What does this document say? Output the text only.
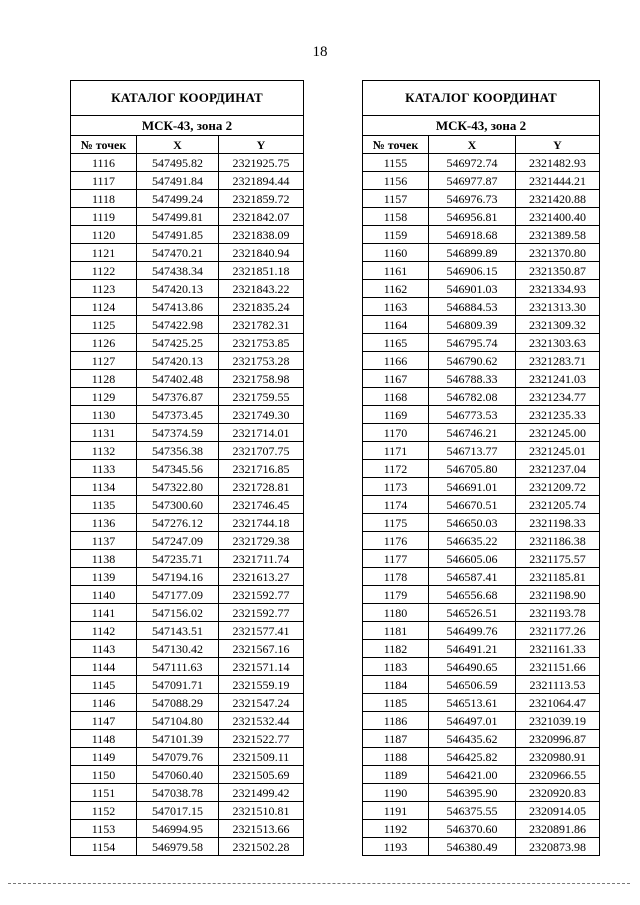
18
КАТАЛОГ КООРДИНАТ		
МСК-43, зона 2		
№ точек	X	Y
1116	547495.82	2321925.75
1117	547491.84	2321894.44
1118	547499.24	2321859.72
1119	547499.81	2321842.07
1120	547491.85	2321838.09
1121	547470.21	2321840.94
1122	547438.34	2321851.18
1123	547420.13	2321843.22
1124	547413.86	2321835.24
1125	547422.98	2321782.31
1126	547425.25	2321753.85
1127	547420.13	2321753.28
1128	547402.48	2321758.98
1129	547376.87	2321759.55
1130	547373.45	2321749.30
1131	547374.59	2321714.01
1132	547356.38	2321707.75
1133	547345.56	2321716.85
1134	547322.80	2321728.81
1135	547300.60	2321746.45
1136	547276.12	2321744.18
1137	547247.09	2321729.38
1138	547235.71	2321711.74
1139	547194.16	2321613.27
1140	547177.09	2321592.77
1141	547156.02	2321592.77
1142	547143.51	2321577.41
1143	547130.42	2321567.16
1144	547111.63	2321571.14
1145	547091.71	2321559.19
1146	547088.29	2321547.24
1147	547104.80	2321532.44
1148	547101.39	2321522.77
1149	547079.76	2321509.11
1150	547060.40	2321505.69
1151	547038.78	2321499.42
1152	547017.15	2321510.81
1153	546994.95	2321513.66
1154	546979.58	2321502.28
КАТАЛОГ КООРДИНАТ		
МСК-43, зона 2		
№ точек	X	Y
1155	546972.74	2321482.93
1156	546977.87	2321444.21
1157	546976.73	2321420.88
1158	546956.81	2321400.40
1159	546918.68	2321389.58
1160	546899.89	2321370.80
1161	546906.15	2321350.87
1162	546901.03	2321334.93
1163	546884.53	2321313.30
1164	546809.39	2321309.32
1165	546795.74	2321303.63
1166	546790.62	2321283.71
1167	546788.33	2321241.03
1168	546782.08	2321234.77
1169	546773.53	2321235.33
1170	546746.21	2321245.00
1171	546713.77	2321245.01
1172	546705.80	2321237.04
1173	546691.01	2321209.72
1174	546670.51	2321205.74
1175	546650.03	2321198.33
1176	546635.22	2321186.38
1177	546605.06	2321175.57
1178	546587.41	2321185.81
1179	546556.68	2321198.90
1180	546526.51	2321193.78
1181	546499.76	2321177.26
1182	546491.21	2321161.33
1183	546490.65	2321151.66
1184	546506.59	2321113.53
1185	546513.61	2321064.47
1186	546497.01	2321039.19
1187	546435.62	2320996.87
1188	546425.82	2320980.91
1189	546421.00	2320966.55
1190	546395.90	2320920.83
1191	546375.55	2320914.05
1192	546370.60	2320891.86
1193	546380.49	2320873.98
